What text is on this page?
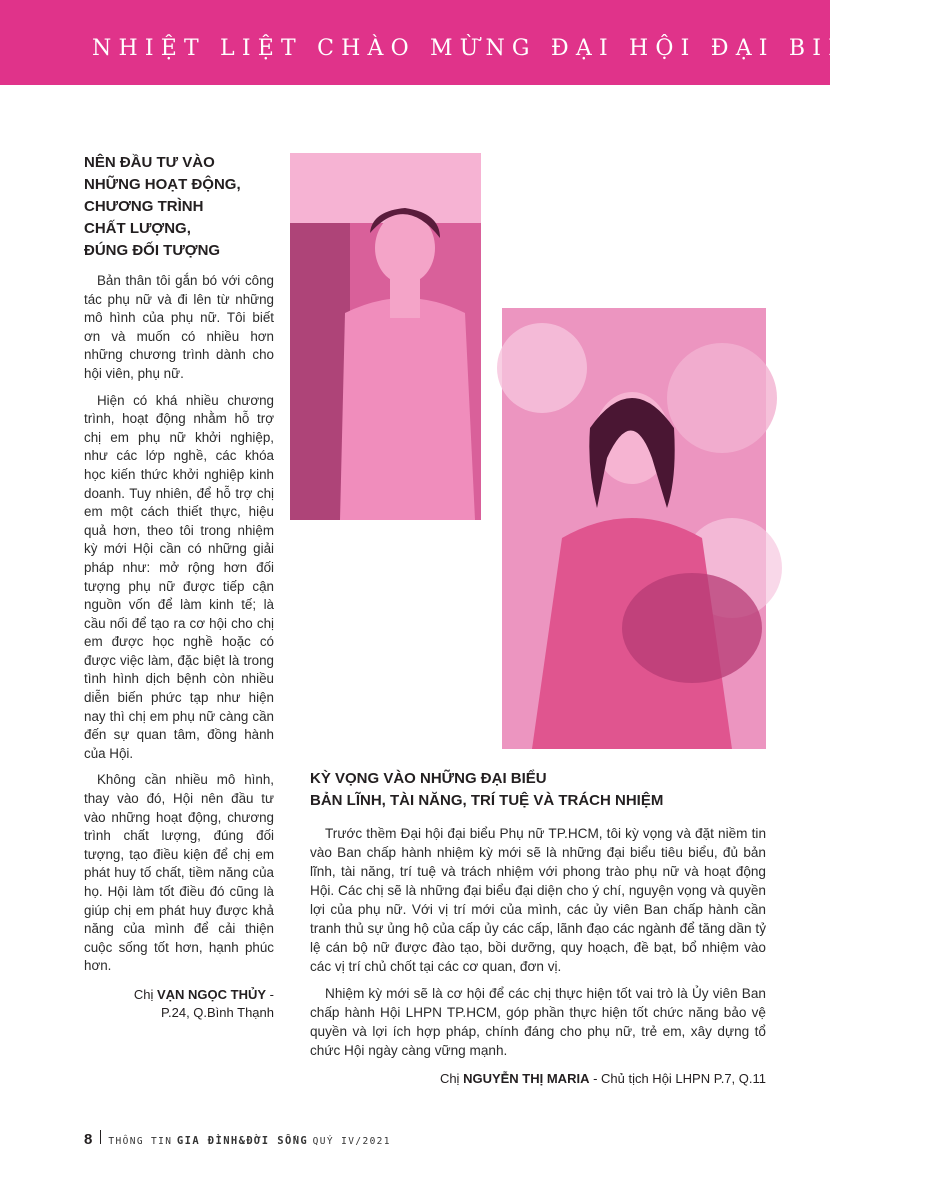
NHIỆT LIỆT CHÀO MỪNG ĐẠI HỘI ĐẠI BIỂU PH
NÊN ĐẦU TƯ VÀO
NHỮNG HOẠT ĐỘNG,
CHƯƠNG TRÌNH
CHẤT LƯỢNG,
ĐÚNG ĐỐI TƯỢNG

Bản thân tôi gắn bó với công tác phụ nữ và đi lên từ những mô hình của phụ nữ. Tôi biết ơn và muốn có nhiều hơn những chương trình dành cho hội viên, phụ nữ.

Hiện có khá nhiều chương trình, hoạt động nhằm hỗ trợ chị em phụ nữ khởi nghiệp, như các lớp nghề, các khóa học kiến thức khởi nghiệp kinh doanh. Tuy nhiên, để hỗ trợ chị em một cách thiết thực, hiệu quả hơn, theo tôi trong nhiệm kỳ mới Hội cần có những giải pháp như: mở rộng hơn đối tượng phụ nữ được tiếp cận nguồn vốn để làm kinh tế; là cầu nối để tạo ra cơ hội cho chị em được học nghề hoặc có được việc làm, đặc biệt là trong tình hình dịch bệnh còn nhiều diễn biến phức tạp như hiện nay thì chị em phụ nữ càng cần đến sự quan tâm, đồng hành của Hội.

Không cần nhiều mô hình, thay vào đó, Hội nên đầu tư vào những hoạt động, chương trình chất lượng, đúng đối tượng, tạo điều kiện để chị em phát huy tố chất, tiềm năng của họ. Hội làm tốt điều đó cũng là giúp chị em phát huy được khả năng của mình để cải thiện cuộc sống tốt hơn, hạnh phúc hơn.

Chị VẠN NGỌC THỦY -
P.24, Q.Bình Thạnh
KỲ VỌNG VÀO NHỮNG ĐẠI BIỂU
BẢN LĨNH, TÀI NĂNG, TRÍ TUỆ VÀ TRÁCH NHIỆM

Trước thềm Đại hội đại biểu Phụ nữ TP.HCM, tôi kỳ vọng và đặt niềm tin vào Ban chấp hành nhiệm kỳ mới sẽ là những đại biểu tiêu biểu, đủ bản lĩnh, tài năng, trí tuệ và trách nhiệm với phong trào phụ nữ và hoạt động Hội. Các chị sẽ là những đại biểu đại diện cho ý chí, nguyện vọng và quyền lợi của phụ nữ. Với vị trí mới của mình, các ủy viên Ban chấp hành cần tranh thủ sự ủng hộ của cấp ủy các cấp, lãnh đạo các ngành để tăng dần tỷ lệ cán bộ nữ được đào tạo, bồi dưỡng, quy hoạch, đề bạt, bổ nhiệm vào các vị trí chủ chốt tại các cơ quan, đơn vị.

Nhiệm kỳ mới sẽ là cơ hội để các chị thực hiện tốt vai trò là Ủy viên Ban chấp hành Hội LHPN TP.HCM, góp phần thực hiện tốt chức năng bảo vệ quyền và lợi ích hợp pháp, chính đáng cho phụ nữ, trẻ em, xây dựng tổ chức Hội ngày càng vững mạnh.

Chị NGUYỄN THỊ MARIA - Chủ tịch Hội LHPN P.7, Q.11
8 THÔNG TIN GIA ĐÌNH&ĐỜI SỐNG QUÝ IV/2021
